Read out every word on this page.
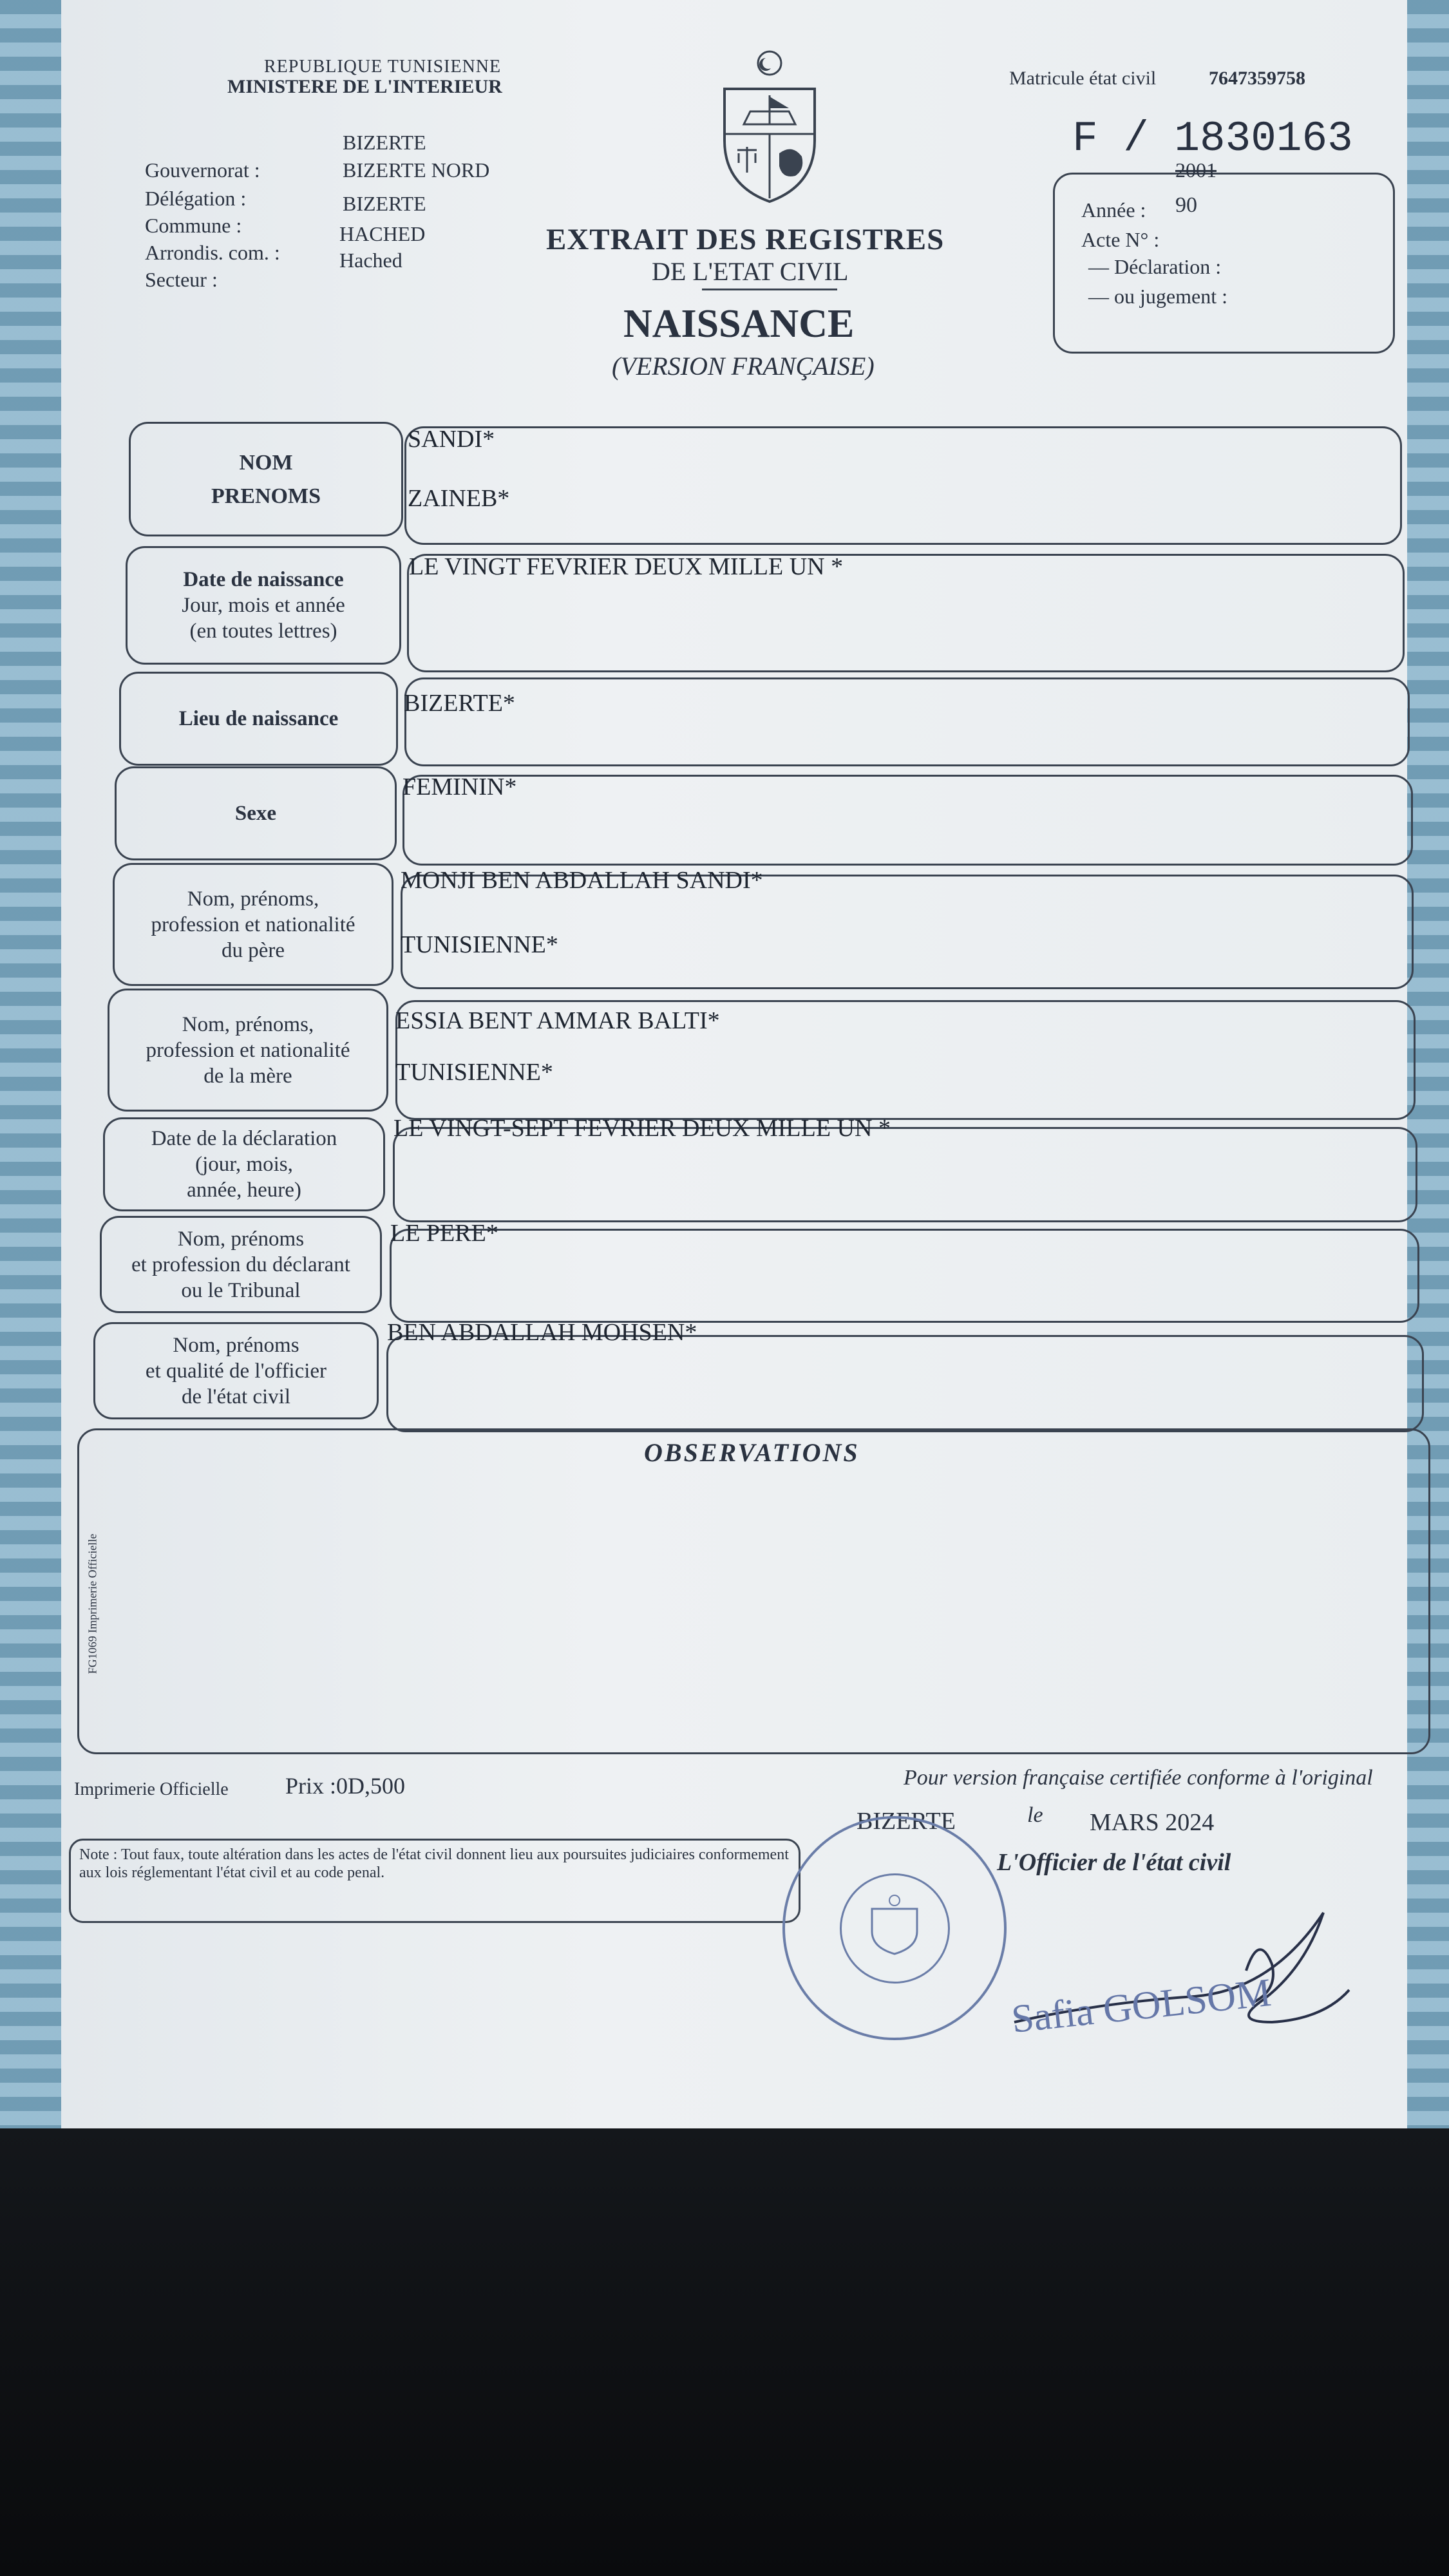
REPUBLIQUE TUNISIENNE
MINISTERE DE L'INTERIEUR
Gouvernorat :
BIZERTE
Délégation :
BIZERTE NORD
Commune :
BIZERTE
Arrondis. com. :
HACHED
Secteur :
Hached
Matricule état civil	7647359758
F / 1830163
Année :
2001
Acte N° :
90
— Déclaration :
— ou jugement :
EXTRAIT DES REGISTRES
DE L'ETAT CIVIL
NAISSANCE
(VERSION FRANÇAISE)
NOM
PRENOMS
SANDI*
ZAINEB*
Date de naissance
Jour, mois et année
(en toutes lettres)
LE VINGT FEVRIER DEUX MILLE UN *
Lieu de naissance
BIZERTE*
Sexe
FEMININ*
Nom, prénoms,
profession et nationalité
du père
MONJI BEN ABDALLAH SANDI*
TUNISIENNE*
Nom, prénoms,
profession et nationalité
de la mère
ESSIA BENT AMMAR BALTI*
TUNISIENNE*
Date de la déclaration
(jour, mois,
année, heure)
LE VINGT-SEPT FEVRIER DEUX MILLE UN *
Nom, prénoms
et profession du déclarant
ou le Tribunal
LE PERE*
Nom, prénoms
et qualité de l'officier
de l'état civil
BEN ABDALLAH MOHSEN*
OBSERVATIONS
FG1069 Imprimerie Officielle
Imprimerie Officielle Prix :0D,500	Pour version française certifiée conforme à l'original
BIZERTE	le MARS 2024
L'Officier de l'état civil
Note : Tout faux, toute altération dans les actes de l'état civil donnent lieu aux poursuites judiciaires conformement aux lois réglementant l'état civil et au code penal.
Safia GOLSOM
